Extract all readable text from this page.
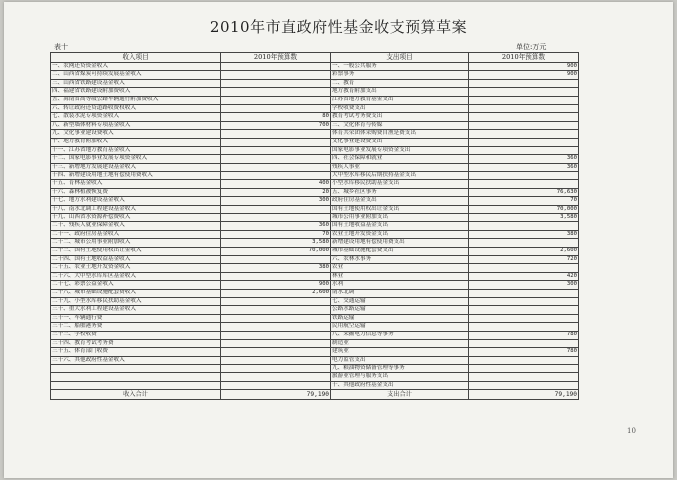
2010年市直政府性基金收支预算草案
表十	单位:万元
10
收入项目	2010年预算数	支出项目	2010年预算数
一、农网还贷资金收入		一、一般公共服务	900
二、山西省煤炭可持续发展基金收入		彩票事务	900
三、山西省铁路建设基金收入		二、教育	
四、福建省铁路建设附加费收入		地方教育附加支出	
五、海南省高等级公路车辆通行附加费收入		江苏省地方教育基金支出	
六、转让政府还贷道路收费权收入		学校收费支出	
七、散装水泥专项资金收入	80	教育考试考务费支出	
八、新型墙体材料专项基金收入	700	三、文化体育与传媒	
九、文化事业建设费收入		体育共荣团体采购费自渔是费支出	
十、地方教育附加收入		文化事业建设费支出	
十一、江苏省地方教育基金收入		国家电影事业发展专项资金支出	
十二、国家电影事业发展专项资金收入		四、社会保障和就业	360
十三、新增地方发展建设基金收入		残疾人事业	360
十四、新增建设用地土地有偿使用费收入		大中型水库移民后期扶持基金支出	
十五、育林基金收入	400	小型水库移民扶助基金支出	
十六、森林植被恢复费	20	五、城乡社区事务	76,630
十七、地方水利建设基金收入	300	政府住房基金支出	70
十八、南水北调工程建设基金收入		国有土地使用权出让金支出	70,000
十九、山西省水资源补偿费收入		城市公用事业附加支出	3,580
二十、残疾人就业保障金收入	360	国有土地收益基金支出	
二十一、政府住房基金收入	70	农业土地开发资金支出	380
二十二、城市公用事业附加收入	3,580	新增建设用地有偿使用费支出	
二十三、国有土地使用权出让金收入	70,000	城市基础设施配套费支出	2,600
二十四、国有土地收益基金收入		六、农林水事务	720
二十五、农业土地开发资金收入	380	农业	
二十六、大中型水库库区基金收入		林业	420
二十七、彩票公益金收入	900	水利	300
二十八、城市基础设施配套费收入	2,600	南水北调	
二十九、小型水库移民扶助基金收入		七、交通运输	
三十、重大水利工程建设基金收入		公路水路运输	
三十一、车辆通行费		铁路运输	
三十二、船舶港务费		民用航空运输	
三十三、学校收费		八、采掘电力信息等事务	780
三十四、教育考试考务费		制造业	
三十五、体育部门收费		建筑业	780
三十六、其他政府性基金收入		电力监管支出	
		九、粮油物资储备管理等事务	
		旅游业管理与服务支出	
		十、其他政府性基金支出	
收入合计	79,190	支出合计	79,190
